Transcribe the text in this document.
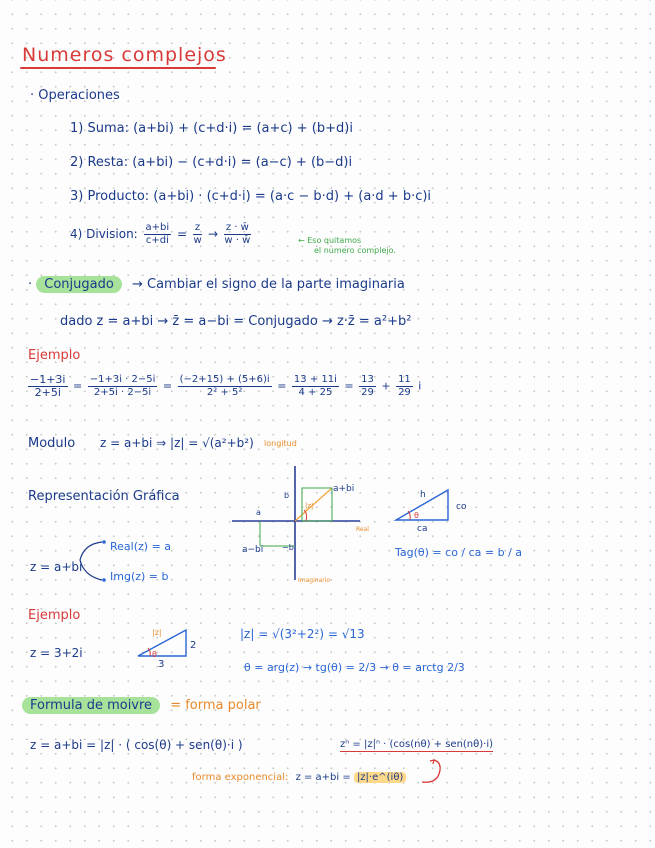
Numeros complejos
· Operaciones
1) Suma: (a+bi) + (c+d·i) = (a+c) + (b+d)i
2) Resta: (a+bi) − (c+d·i) = (a−c) + (b−d)i
3) Producto: (a+bi) · (c+d·i) = (a·c − b·d) + (a·d + b·c)i
4) Division: $\frac{a+bi}{c+di} = \frac{z}{w} \to \frac{z \cdot w̄}{w \cdot w̄}$	← Eso quitamos
el numero complejo.
· Conjugado → Cambiar el signo de la parte imaginaria
dado z = a+bi → z̄ = a−bi = Conjugado → z·z̄ = a²+b²
Ejemplo
$\frac{-1+3i}{2+5i} = \frac{-1+3i \cdot 2-5i}{2+5i \cdot 2-5i} = \frac{(-2+15) + (5+6)i}{\text{2² + 5²}} = \frac{13 + 11i}{4 + 25} = \frac{13}{29} + \frac{11}{29}$ i
Modulo z = a+bi ⇒ |z| = √(a²+b²) longitud
Representación Gráfica
z = a+bi
Real(z) = a
Img(z) = b
a+bi
a−bi
b
a
−b
|z|
Real
Imaginario
h
co
ca
θ
Tag(θ) = co / ca = b / a
Ejemplo
z = 3+2i
|z|
2
3
θ
|z| = √(3²+2²) = √13
θ = arg(z) → tg(θ) = 2/3 → θ = arctg 2/3
Formula de moivre = forma polar
z = a+bi = |z| · ( cos(θ) + sen(θ)·i )	zⁿ = |z|ⁿ · (cos(nθ) + sen(nθ)·i)
forma exponencial: z = a+bi = |z|·e^(iθ)
